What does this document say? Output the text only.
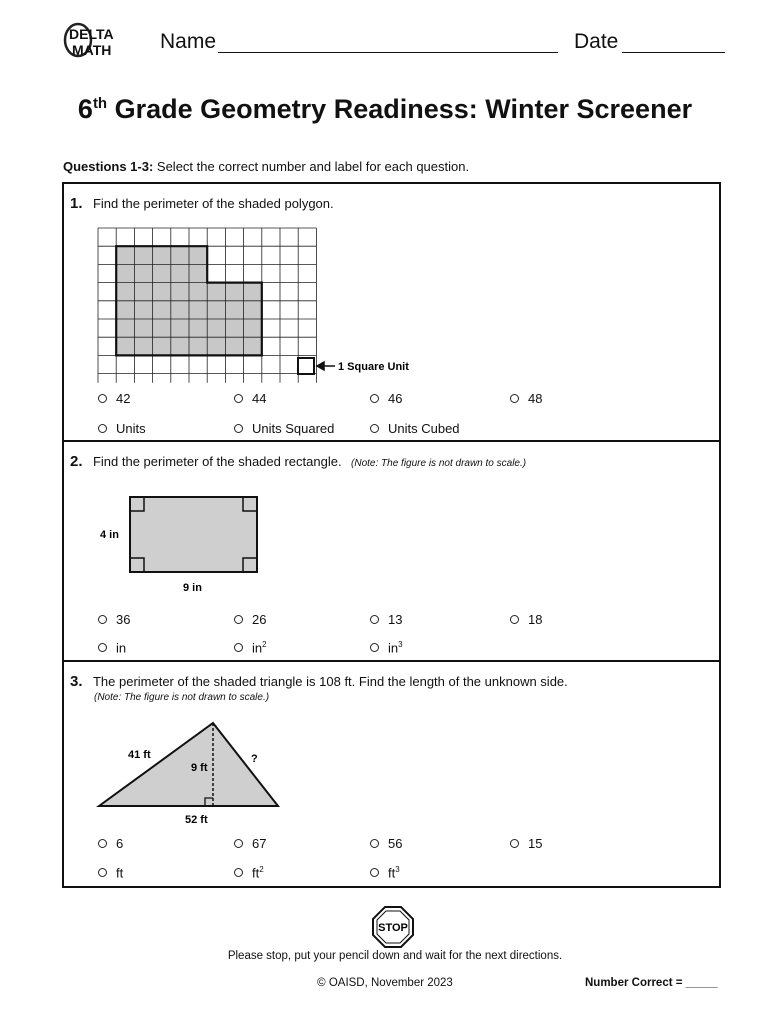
DELTA
MATH Name	Date
6th Grade Geometry Readiness: Winter Screener
Questions 1-3: Select the correct number and label for each question.
1. Find the perimeter of the shaded polygon.
1 Square Unit
42	44	46	48
Units	Units Squared	Units Cubed
2. Find the perimeter of the shaded rectangle. (Note: The figure is not drawn to scale.)
4 in
9 in
36	26	13	18
in	$in^2$	$in^3$
3. The perimeter of the shaded triangle is 108 ft. Find the length of the unknown side.
(Note: The figure is not drawn to scale.)
41 ft
9 ft
?
52 ft
6	67	56	15
ft	$ft^2$	$ft^3$
STOP
Please stop, put your pencil down and wait for the next directions.
© OAISD, November 2023	Number Correct = _____
